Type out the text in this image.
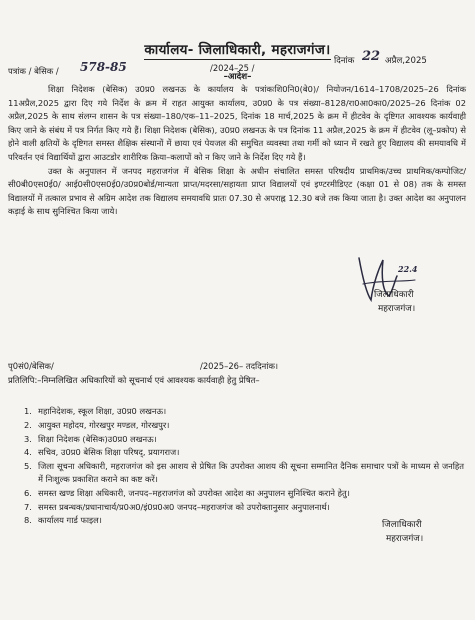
कार्यालय- जिलाधिकारी, महराजगंज।
पत्रांक / बेसिक / 578-85	/2024–25 /
दिनांक 22 अप्रैल,2025
–आदेश–

शिक्षा निदेशक (बेसिक) उ0प्र0 लखनऊ के कार्यालय के पत्रांकःशि0नि0(बे0)/ नियोजन/1614–1708/2025–26 दिनांक 11अप्रैल,2025 द्वारा दिए गये निर्देश के क्रम में राहत आयुक्त कार्यालय, उ0प्र0 के पत्र संख्या–8128/रा0आ0का0/2025–26 दिनांक 02 अप्रैल,2025 के साथ संलग्न शासन के पत्र संख्या–180/एक–11–2025, दिनांक 18 मार्च,2025 के क्रम में हीटवेव के दृष्टिगत आवश्यक कार्यवाही किए जाने के संबंध में पत्र निर्गत किए गये हैं। शिक्षा निदेशक (बेसिक), उ0प्र0 लखनऊ के पत्र दिनांक 11 अप्रैल,2025 के क्रम में हीटवेव (लू–प्रकोप) से होने वाली क्षतियों के दृष्टिगत समस्त शैक्षिक संस्थानों में छाया एवं पेयजल की समुचित व्यवस्था तथा गर्मी को ध्यान में रखते हुए विद्यालय की समयावधि में परिवर्तन एवं विद्यार्थियों द्वारा आउटडोर शारीरिक क्रिया–कलापों को न किए जाने के निर्देश दिए गये हैं।

उक्त के अनुपालन में जनपद महराजगंज में बेसिक शिक्षा के अधीन संचालित समस्त परिषदीय प्राथमिक/उच्च प्राथमिक/कम्पोजिट/ सी0बी0एस0ई0/ आई0सी0एस0ई0/उ0प्र0बोर्ड/मान्यता प्राप्त/मदरसा/सहायता प्राप्त विद्यालयों एवं इण्टरमीडिएट (कक्षा 01 से 08) तक के समस्त विद्यालयों में तत्काल प्रभाव से अग्रिम आदेश तक विद्यालय समयावधि प्रातः 07.30 से अपराह्न 12.30 बजे तक किया जाता है। उक्त आदेश का अनुपालन कड़ाई के साथ सुनिश्चित किया जाये।

22.4
जिलाधिकारी
महराजगंज।
पृ0सं0/बेसिक/	/2025–26– तददिनांक।
प्रतिलिपि:–निम्नलिखित अधिकारियों को सूचनार्थ एवं आवश्यक कार्यवाही हेतु प्रेषित–
1. महानिदेशक, स्कूल शिक्षा, उ0प्र0 लखनऊ।
2. आयुक्त महोदय, गोरखपुर मण्डल, गोरखपुर।
3. शिक्षा निदेशक (बेसिक)उ0प्र0 लखनऊ।
4. सचिव, उ0प्र0 बेसिक शिक्षा परिषद्, प्रयागराज।
5. जिला सूचना अधिकारी, महराजगंज को इस आशय से प्रेषित कि उपरोक्त आशय की सूचना सम्मानित दैनिक समाचार पत्रों के माध्यम से जनहित में निःशुल्क प्रकाशित कराने का कष्ट करें।
6. समस्त खण्ड शिक्षा अधिकारी, जनपद–महराजगंज को उपरोक्त आदेश का अनुपालन सुनिश्चित कराने हेतु।
7. समस्त प्रबन्धक/प्रधानाचार्य/प्र0अ0/इं0प्र0अ0 जनपद–महराजगंज को उपरोक्तानुसार अनुपालनार्थ।
8. कार्यालय गार्ड फाइल।	जिलाधिकारी
महराजगंज।
